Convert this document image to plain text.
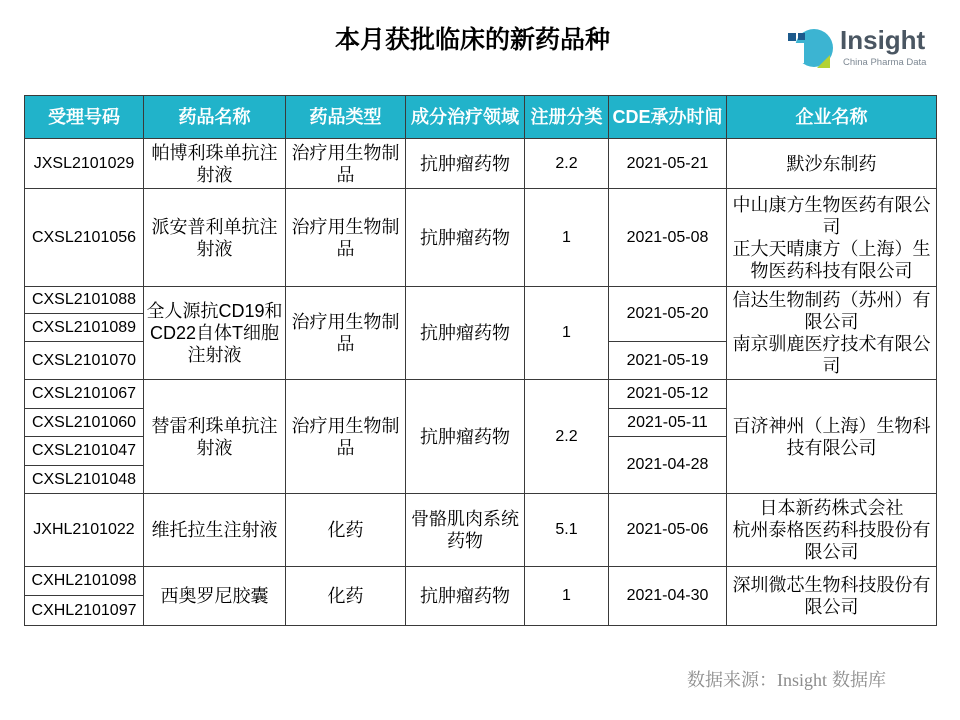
本月获批临床的新药品种	Insight
China Pharma Data
受理号码	药品名称	药品类型	成分治疗领域	注册分类	CDE承办时间	企业名称
JXSL2101029	帕博利珠单抗注射液	治疗用生物制品	抗肿瘤药物	2.2	2021-05-21	默沙东制药

CXSL2101056	派安普利单抗注射液	治疗用生物制品	抗肿瘤药物	1	2021-05-08	中山康方生物医药有限公司
正大天晴康方（上海）生物医药科技有限公司

CXSL2101088	全人源抗CD19和CD22自体T细胞注射液	治疗用生物制品	抗肿瘤药物	1	2021-05-20	信达生物制药（苏州）有限公司
南京驯鹿医疗技术有限公司

CXSL2101089						
CXSL2101070					2021-05-19	
CXSL2101067	替雷利珠单抗注射液	治疗用生物制品	抗肿瘤药物	2.2	2021-05-12	百济神州（上海）生物科技有限公司

CXSL2101060					2021-05-11	
CXSL2101047					2021-04-28	
CXSL2101048						
JXHL2101022	维托拉生注射液	化药	骨骼肌肉系统药物	5.1	2021-05-06	日本新药株式会社
杭州泰格医药科技股份有限公司

CXHL2101098	西奥罗尼胶囊	化药	抗肿瘤药物	1	2021-04-30	深圳微芯生物科技股份有限公司

CXHL2101097						
数据来源：Insight 数据库
